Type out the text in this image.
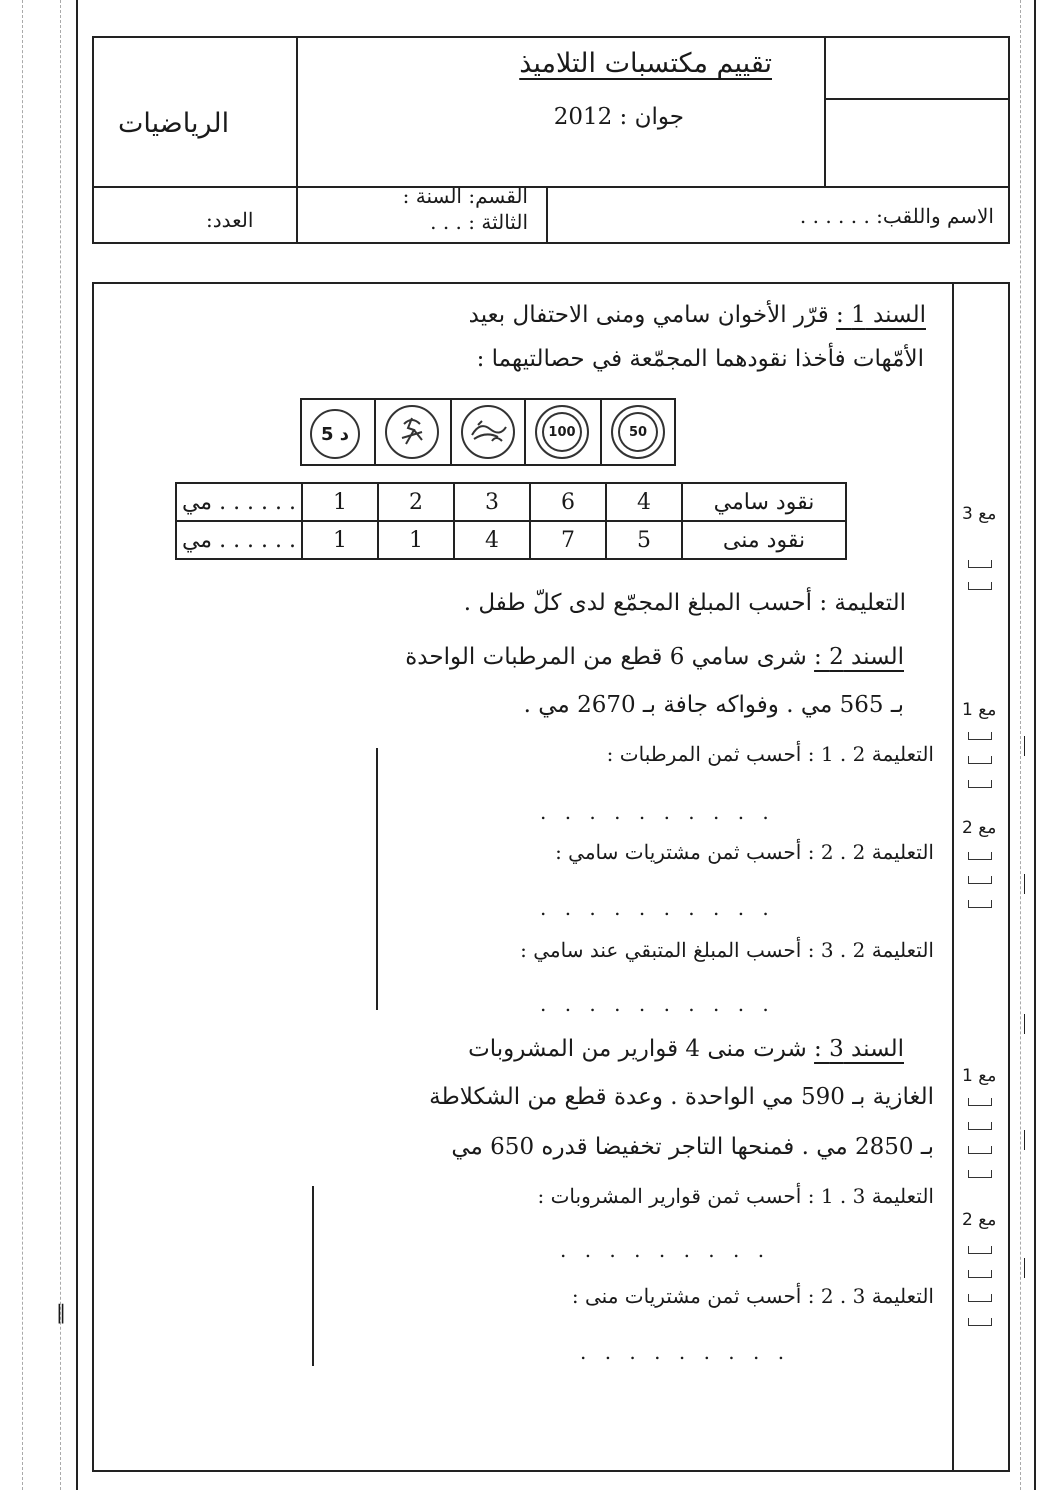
‖
تقييم مكتسبات التلاميذ
جوان : 2012
الرياضيات
القسم: السنة :
الثالثة : . . .
العدد:	الاسم واللقب: . . . . . .
السند 1 : قرّر الأخوان سامي ومنى الاحتفال بعيد
الأمّهات فأخذا نقودهما المجمّعة في حصالتيهما :
50
100
د 5
. . . . . . مي	1	2	3	6	4	نقود سامي
. . . . . . مي	1	1	4	7	5	نقود منى
التعليمة : أحسب المبلغ المجمّع لدى كلّ طفل .
مع 3
السند 2 : شرى سامي 6 قطع من المرطبات الواحدة
بـ 565 مي . وفواكه جافة بـ 2670 مي .
التعليمة 2 . 1 : أحسب ثمن المرطبات :
. . . . . . . . . .
التعليمة 2 . 2 : أحسب ثمن مشتريات سامي :
. . . . . . . . . .
التعليمة 2 . 3 : أحسب المبلغ المتبقي عند سامي :
. . . . . . . . . .
مع 1
مع 2
السند 3 : شرت منى 4 قوارير من المشروبات
الغازية بـ 590 مي الواحدة . وعدة قطع من الشكلاطة
بـ 2850 مي . فمنحها التاجر تخفيضا قدره 650 مي
التعليمة 3 . 1 : أحسب ثمن قوارير المشروبات :
. . . . . . . . .
التعليمة 3 . 2 : أحسب ثمن مشتريات منى :
. . . . . . . . .
مع 1
مع 2
